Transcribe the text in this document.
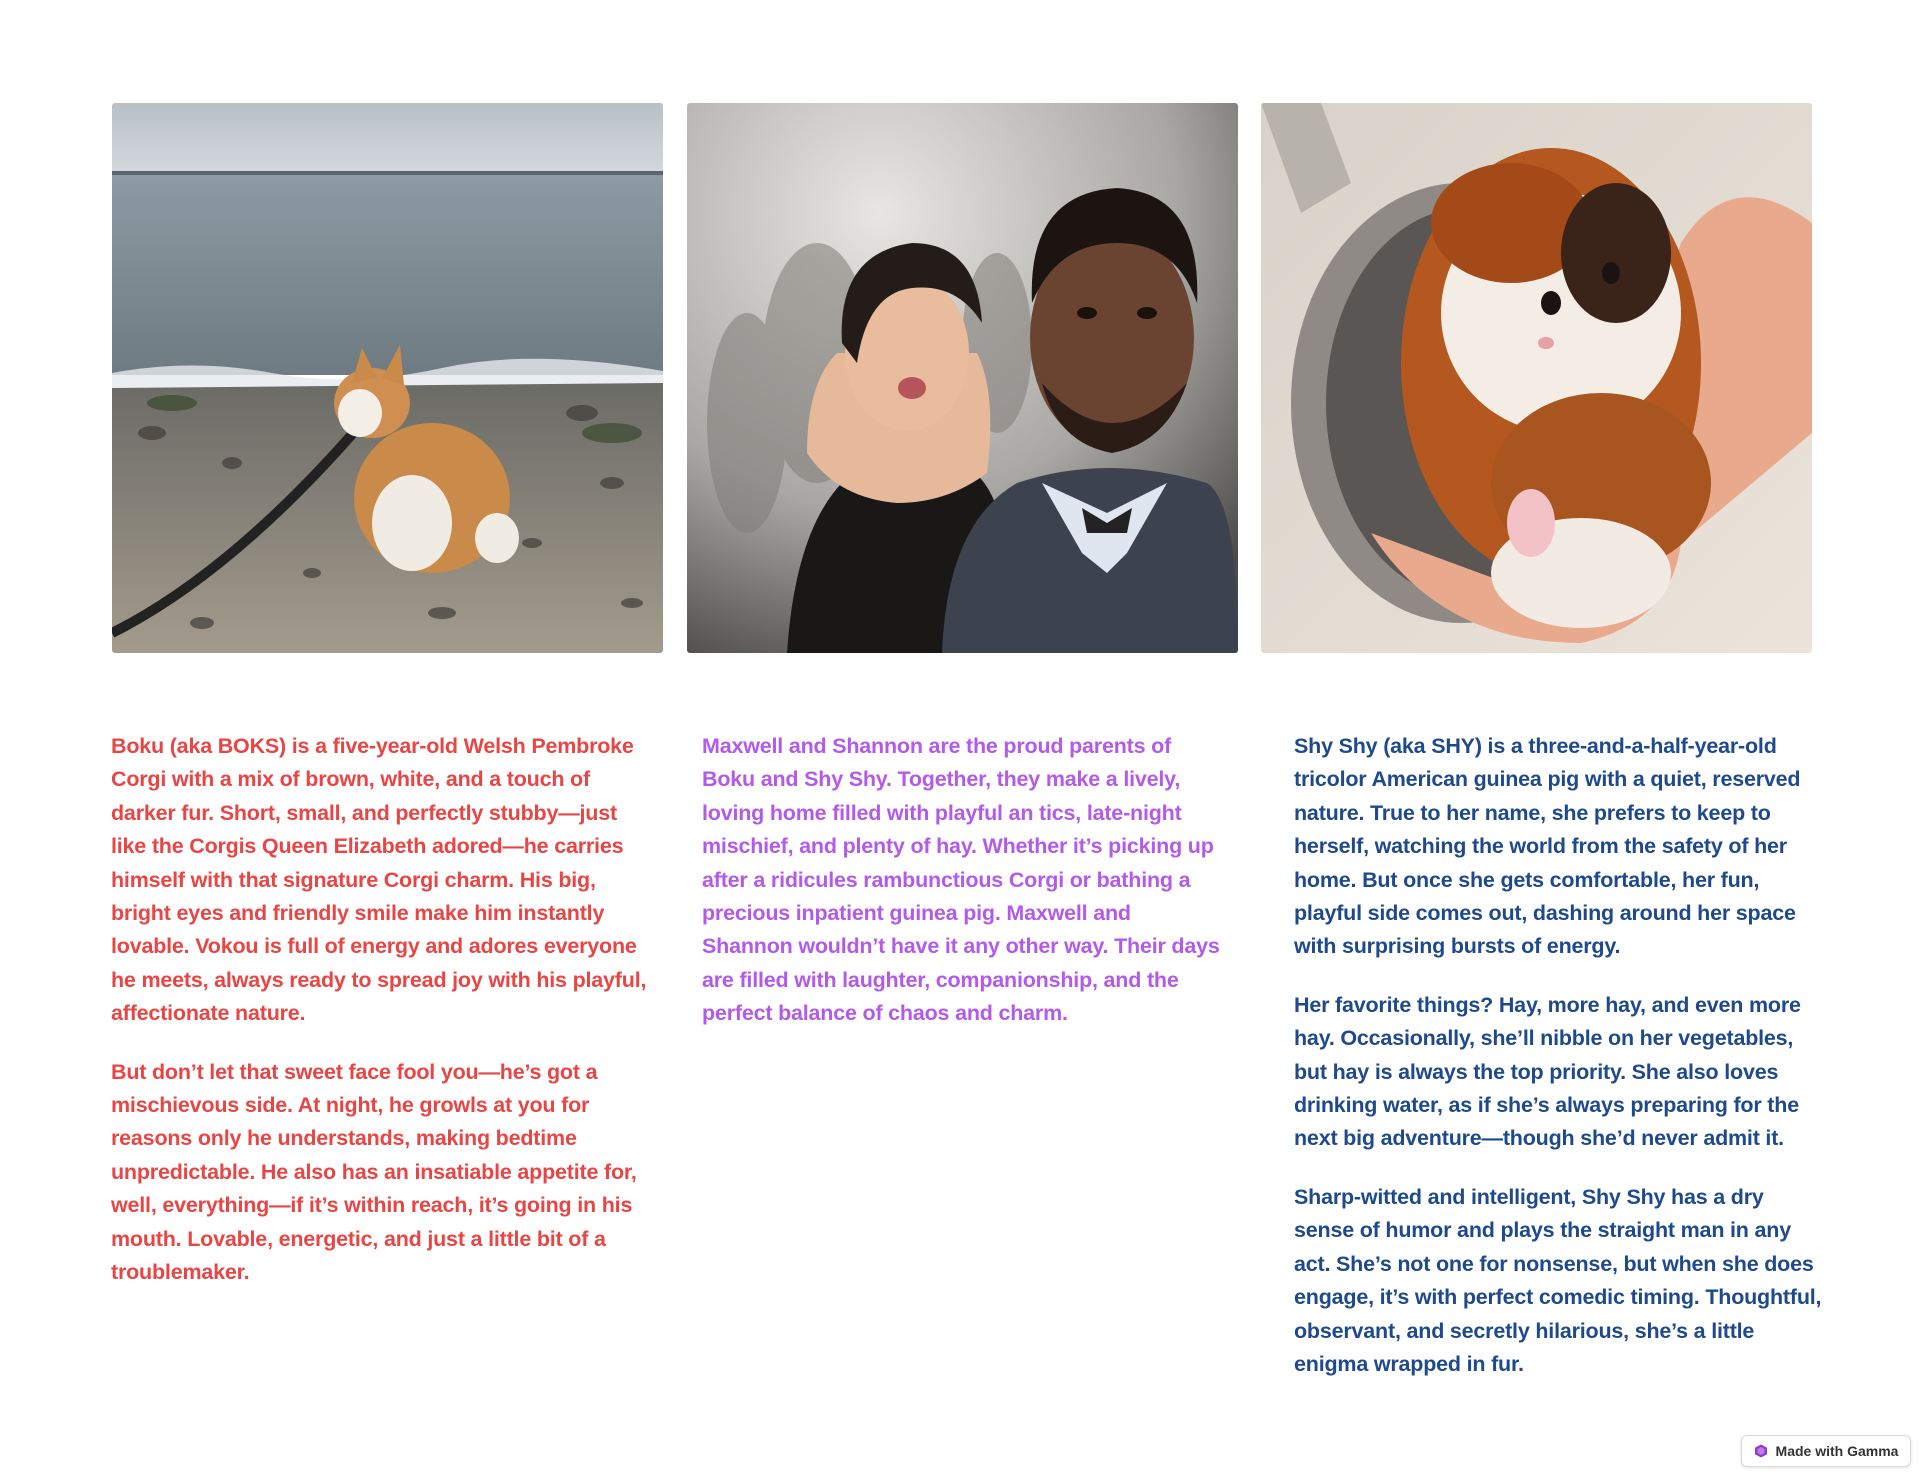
Boku (aka BOKS) is a five-year-old Welsh Pembroke Corgi with a mix of brown, white, and a touch of darker fur. Short, small, and perfectly stubby—just like the Corgis Queen Elizabeth adored—he carries himself with that signature Corgi charm. His big, bright eyes and friendly smile make him instantly lovable. Vokou is full of energy and adores everyone he meets, always ready to spread joy with his playful, affectionate nature.

But don’t let that sweet face fool you—he’s got a mischievous side. At night, he growls at you for reasons only he understands, making bedtime unpredictable. He also has an insatiable appetite for, well, everything—if it’s within reach, it’s going in his mouth. Lovable, energetic, and just a little bit of a troublemaker.

Maxwell and Shannon are the proud parents of Boku and Shy Shy. Together, they make a lively, loving home filled with playful an tics, late-night mischief, and plenty of hay. Whether it’s picking up after a ridicules rambunctious Corgi or bathing a precious inpatient guinea pig. Maxwell and Shannon wouldn’t have it any other way. Their days are filled with laughter, companionship, and the perfect balance of chaos and charm.

Shy Shy (aka SHY) is a three-and-a-half-year-old tricolor American guinea pig with a quiet, reserved nature. True to her name, she prefers to keep to herself, watching the world from the safety of her home. But once she gets comfortable, her fun, playful side comes out, dashing around her space with surprising bursts of energy.

Her favorite things? Hay, more hay, and even more hay. Occasionally, she’ll nibble on her vegetables, but hay is always the top priority. She also loves drinking water, as if she’s always preparing for the next big adventure—though she’d never admit it.

Sharp-witted and intelligent, Shy Shy has a dry sense of humor and plays the straight man in any act. She’s not one for nonsense, but when she does engage, it’s with perfect comedic timing. Thoughtful, observant, and secretly hilarious, she’s a little enigma wrapped in fur.

Made with Gamma
